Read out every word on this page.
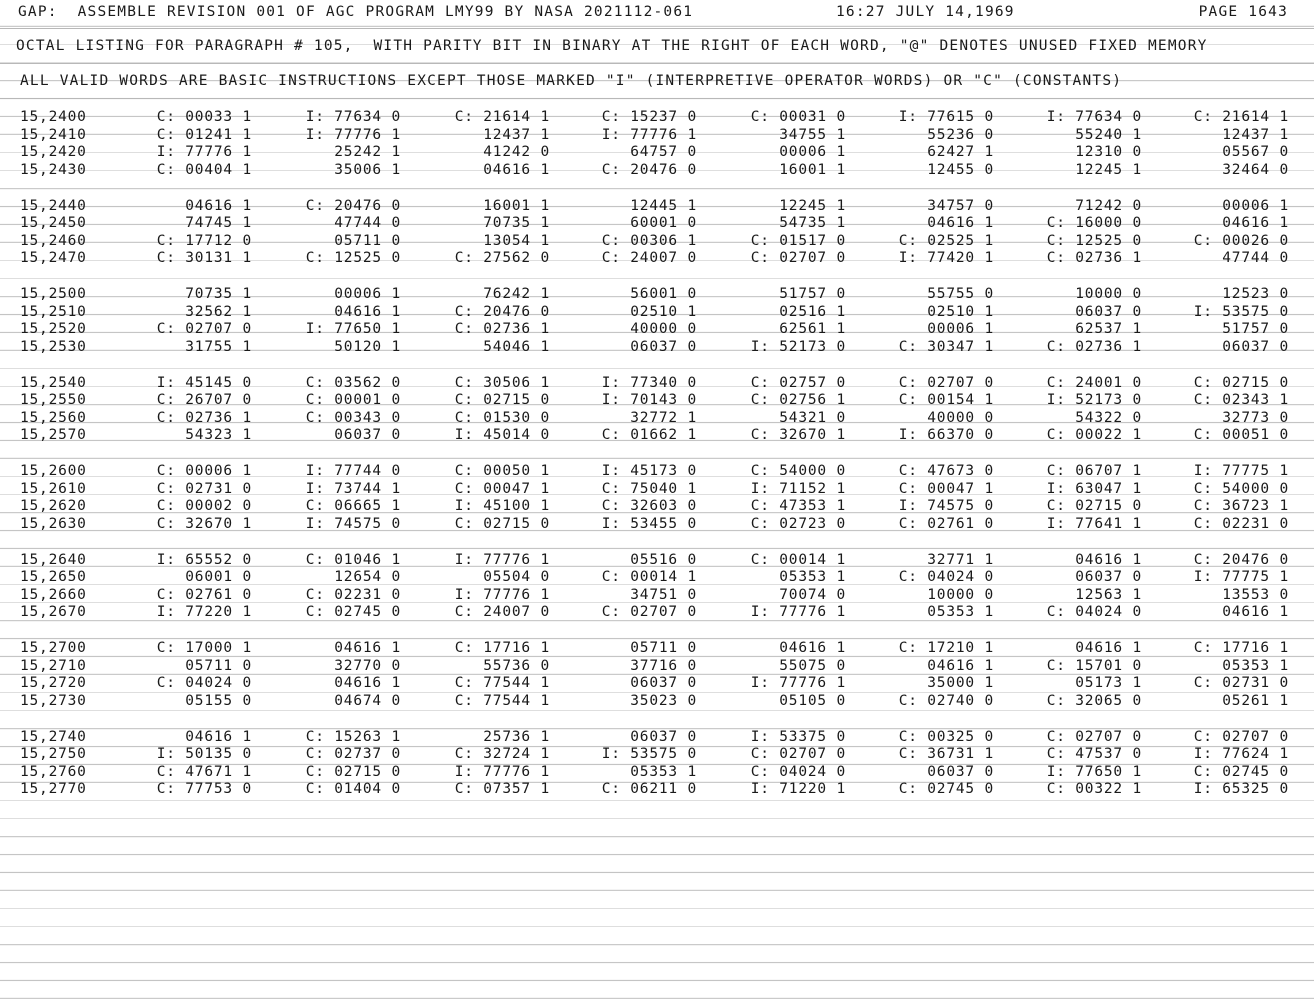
GAP:  ASSEMBLE REVISION 001 OF AGC PROGRAM LMY99 BY NASA 2021112-061

	16:27 JULY 14,1969

	PAGE 1643

OCTAL LISTING FOR PARAGRAPH # 105,  WITH PARITY BIT IN BINARY AT THE RIGHT OF EACH WORD, "@" DENOTES UNUSED FIXED MEMORY

ALL VALID WORDS ARE BASIC INSTRUCTIONS EXCEPT THOSE MARKED "I" (INTERPRETIVE OPERATOR WORDS) OR "C" (CONSTANTS)

15,2400	C: 00033 1	I: 77634 0	C: 21614 1	C: 15237 0	C: 00031 0	I: 77615 0	I: 77634 0	C: 21614 1
15,2410	C: 01241 1	I: 77776 1	12437 1	I: 77776 1	34755 1	55236 0	55240 1	12437 1
15,2420	I: 77776 1	25242 1	41242 0	64757 0	00006 1	62427 1	12310 0	05567 0
15,2430	C: 00404 1	35006 1	04616 1	C: 20476 0	16001 1	12455 0	12245 1	32464 0
15,2440	04616 1	C: 20476 0	16001 1	12445 1	12245 1	34757 0	71242 0	00006 1
15,2450	74745 1	47744 0	70735 1	60001 0	54735 1	04616 1	C: 16000 0	04616 1
15,2460	C: 17712 0	05711 0	13054 1	C: 00306 1	C: 01517 0	C: 02525 1	C: 12525 0	C: 00026 0
15,2470	C: 30131 1	C: 12525 0	C: 27562 0	C: 24007 0	C: 02707 0	I: 77420 1	C: 02736 1	47744 0
15,2500	70735 1	00006 1	76242 1	56001 0	51757 0	55755 0	10000 0	12523 0
15,2510	32562 1	04616 1	C: 20476 0	02510 1	02516 1	02510 1	06037 0	I: 53575 0
15,2520	C: 02707 0	I: 77650 1	C: 02736 1	40000 0	62561 1	00006 1	62537 1	51757 0
15,2530	31755 1	50120 1	54046 1	06037 0	I: 52173 0	C: 30347 1	C: 02736 1	06037 0
15,2540	I: 45145 0	C: 03562 0	C: 30506 1	I: 77340 0	C: 02757 0	C: 02707 0	C: 24001 0	C: 02715 0
15,2550	C: 26707 0	C: 00001 0	C: 02715 0	I: 70143 0	C: 02756 1	C: 00154 1	I: 52173 0	C: 02343 1
15,2560	C: 02736 1	C: 00343 0	C: 01530 0	32772 1	54321 0	40000 0	54322 0	32773 0
15,2570	54323 1	06037 0	I: 45014 0	C: 01662 1	C: 32670 1	I: 66370 0	C: 00022 1	C: 00051 0
15,2600	C: 00006 1	I: 77744 0	C: 00050 1	I: 45173 0	C: 54000 0	C: 47673 0	C: 06707 1	I: 77775 1
15,2610	C: 02731 0	I: 73744 1	C: 00047 1	C: 75040 1	I: 71152 1	C: 00047 1	I: 63047 1	C: 54000 0
15,2620	C: 00002 0	C: 06665 1	I: 45100 1	C: 32603 0	C: 47353 1	I: 74575 0	C: 02715 0	C: 36723 1
15,2630	C: 32670 1	I: 74575 0	C: 02715 0	I: 53455 0	C: 02723 0	C: 02761 0	I: 77641 1	C: 02231 0
15,2640	I: 65552 0	C: 01046 1	I: 77776 1	05516 0	C: 00014 1	32771 1	04616 1	C: 20476 0
15,2650	06001 0	12654 0	05504 0	C: 00014 1	05353 1	C: 04024 0	06037 0	I: 77775 1
15,2660	C: 02761 0	C: 02231 0	I: 77776 1	34751 0	70074 0	10000 0	12563 1	13553 0
15,2670	I: 77220 1	C: 02745 0	C: 24007 0	C: 02707 0	I: 77776 1	05353 1	C: 04024 0	04616 1
15,2700	C: 17000 1	04616 1	C: 17716 1	05711 0	04616 1	C: 17210 1	04616 1	C: 17716 1
15,2710	05711 0	32770 0	55736 0	37716 0	55075 0	04616 1	C: 15701 0	05353 1
15,2720	C: 04024 0	04616 1	C: 77544 1	06037 0	I: 77776 1	35000 1	05173 1	C: 02731 0
15,2730	05155 0	04674 0	C: 77544 1	35023 0	05105 0	C: 02740 0	C: 32065 0	05261 1
15,2740	04616 1	C: 15263 1	25736 1	06037 0	I: 53375 0	C: 00325 0	C: 02707 0	C: 02707 0
15,2750	I: 50135 0	C: 02737 0	C: 32724 1	I: 53575 0	C: 02707 0	C: 36731 1	C: 47537 0	I: 77624 1
15,2760	C: 47671 1	C: 02715 0	I: 77776 1	05353 1	C: 04024 0	06037 0	I: 77650 1	C: 02745 0
15,2770	C: 77753 0	C: 01404 0	C: 07357 1	C: 06211 0	I: 71220 1	C: 02745 0	C: 00322 1	I: 65325 0
